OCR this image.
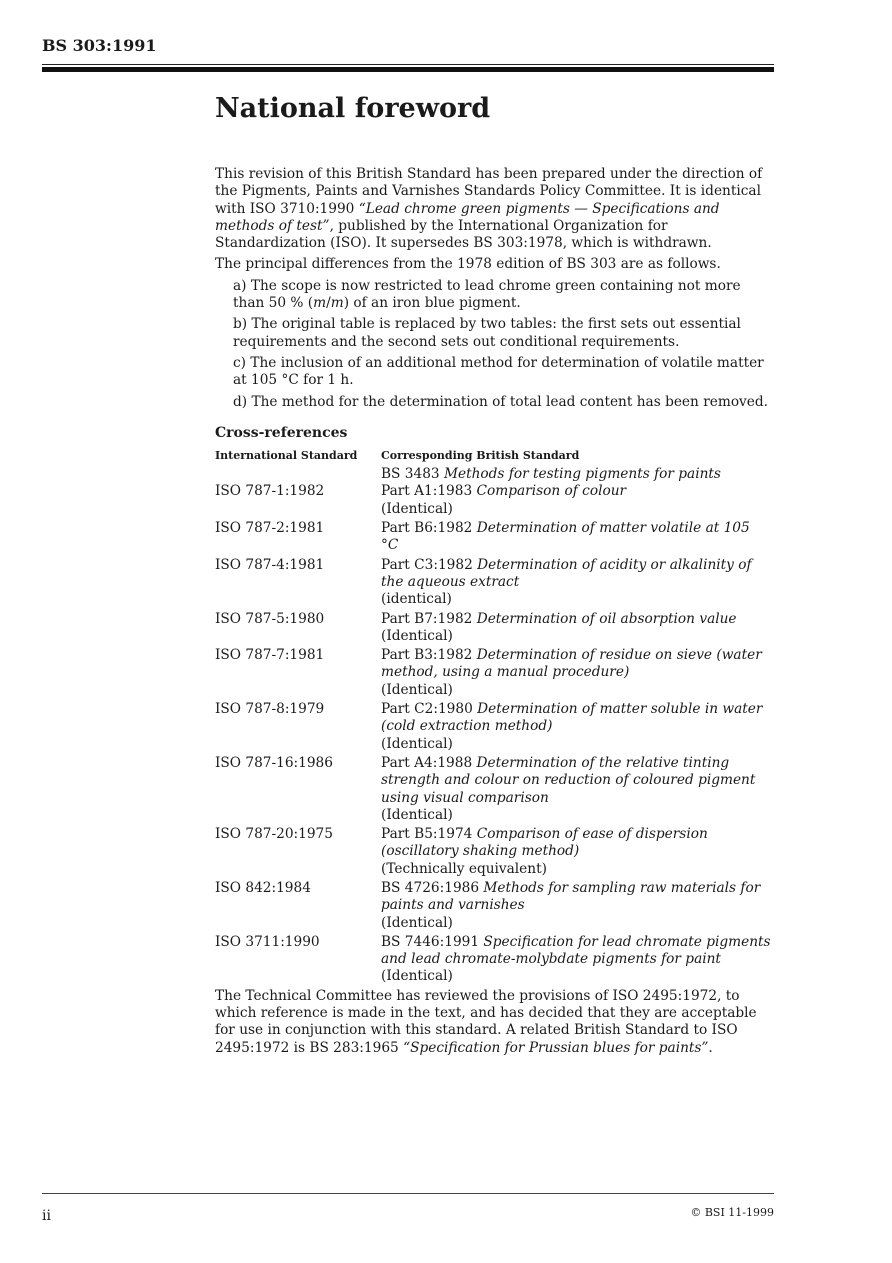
BS 303:1991
National foreword

This revision of this British Standard has been prepared under the direction of the Pigments, Paints and Varnishes Standards Policy Committee. It is identical with ISO 3710:1990 “Lead chrome green pigments — Specifications and methods of test”, published by the International Organization for Standardization (ISO). It supersedes BS 303:1978, which is withdrawn.

The principal differences from the 1978 edition of BS 303 are as follows.

a) The scope is now restricted to lead chrome green containing not more than 50 % (m/m) of an iron blue pigment.
b) The original table is replaced by two tables: the first sets out essential requirements and the second sets out conditional requirements.
c) The inclusion of an additional method for determination of volatile matter at 105 °C for 1 h.
d) The method for the determination of total lead content has been removed.
Cross-references
International Standard	Corresponding British Standard
BS 3483 Methods for testing pigments for paints
ISO 787-1:1982	Part A1:1983 Comparison of colour
(Identical)
ISO 787-2:1981	Part B6:1982 Determination of matter volatile at 105 °C
ISO 787-4:1981	Part C3:1982 Determination of acidity or alkalinity of the aqueous extract
(identical)
ISO 787-5:1980	Part B7:1982 Determination of oil absorption value
(Identical)
ISO 787-7:1981	Part B3:1982 Determination of residue on sieve (water method, using a manual procedure)
(Identical)
ISO 787-8:1979	Part C2:1980 Determination of matter soluble in water (cold extraction method)
(Identical)
ISO 787-16:1986	Part A4:1988 Determination of the relative tinting strength and colour on reduction of coloured pigment using visual comparison
(Identical)
ISO 787-20:1975	Part B5:1974 Comparison of ease of dispersion (oscillatory shaking method)
(Technically equivalent)
ISO 842:1984	BS 4726:1986 Methods for sampling raw materials for paints and varnishes
(Identical)
ISO 3711:1990	BS 7446:1991 Specification for lead chromate pigments and lead chromate-molybdate pigments for paint
(Identical)

The Technical Committee has reviewed the provisions of ISO 2495:1972, to which reference is made in the text, and has decided that they are acceptable for use in conjunction with this standard. A related British Standard to ISO 2495:1972 is BS 283:1965 “Specification for Prussian blues for paints”.

ii	© BSI 11-1999
